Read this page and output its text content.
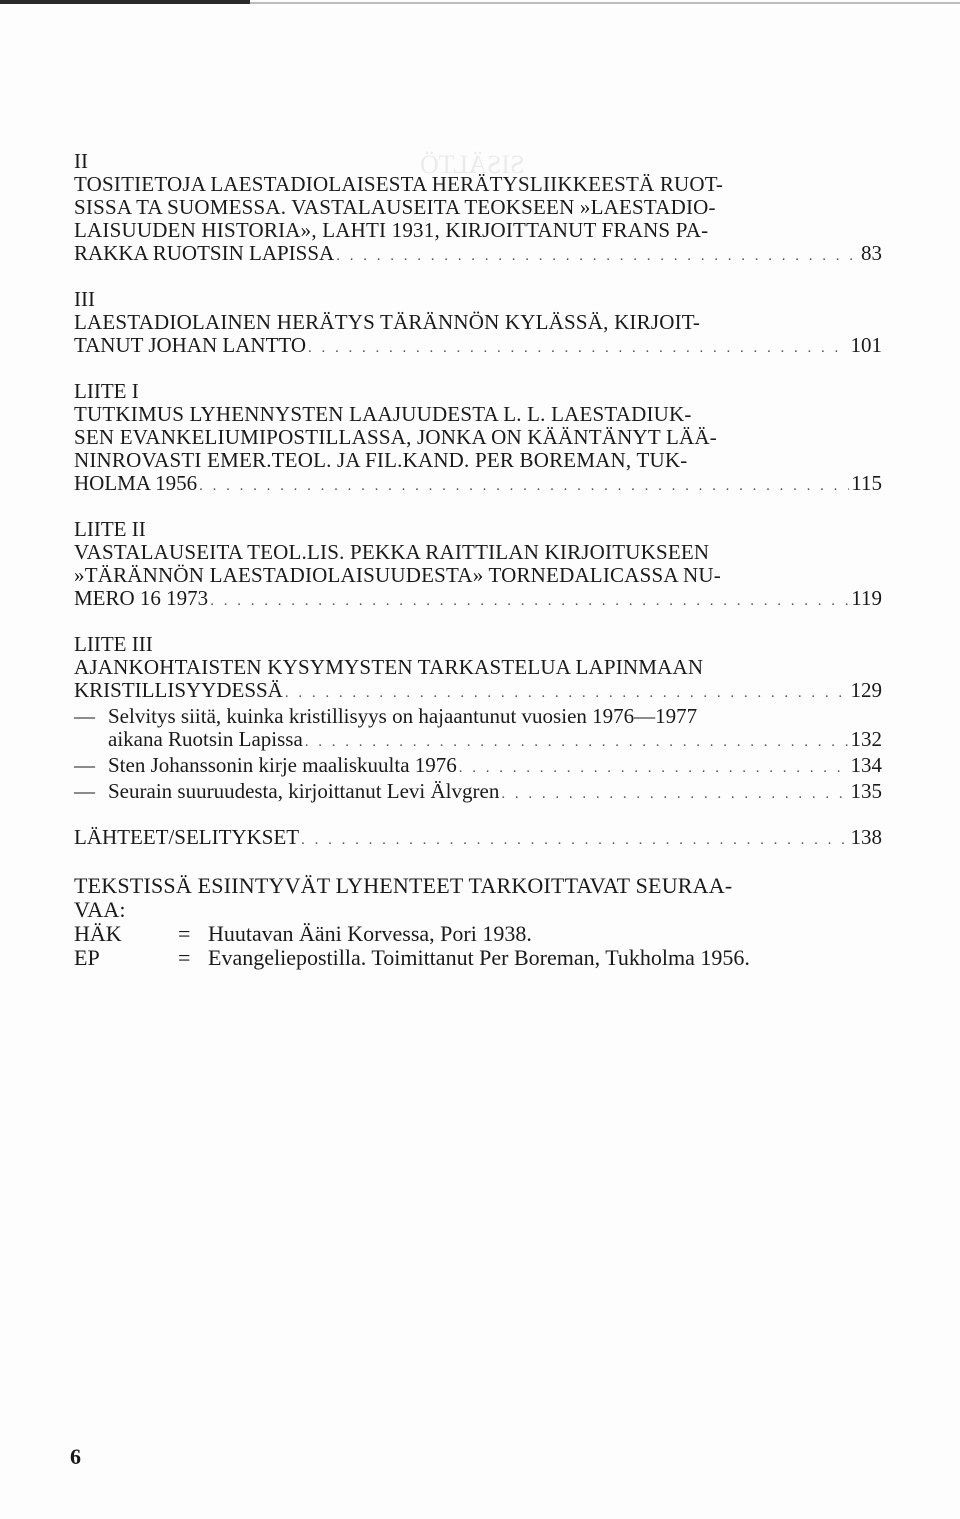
SISÄLTÖ

II

TOSITIETOJA LAESTADIOLAISESTA HERÄTYSLIIKKEESTÄ RUOT-

SISSA TA SUOMESSA. VASTALAUSEITA TEOKSEEN »LAESTADIO-

LAISUUDEN HISTORIA», LAHTI 1931, KIRJOITTANUT FRANS PA-

RAKKA RUOTSIN LAPISSA . . .	83

III

LAESTADIOLAINEN HERÄTYS TÄRÄNNÖN KYLÄSSÄ, KIRJOIT-

TANUT JOHAN LANTTO . . .	101

LIITE I

TUTKIMUS LYHENNYSTEN LAAJUUDESTA L. L. LAESTADIUK-

SEN EVANKELIUMIPOSTILLASSA, JONKA ON KÄÄNTÄNYT LÄÄ-

NINROVASTI EMER.TEOL. JA FIL.KAND. PER BOREMAN, TUK-

HOLMA 1956 . . .	115

LIITE II

VASTALAUSEITA TEOL.LIS. PEKKA RAITTILAN KIRJOITUKSEEN

»TÄRÄNNÖN LAESTADIOLAISUUDESTA» TORNEDALICASSA NU-

MERO 16 1973 . . .	119

LIITE III

AJANKOHTAISTEN KYSYMYSTEN TARKASTELUA LAPINMAAN

KRISTILLISYYDESSÄ . . .	129
— Selvitys siitä, kuinka kristillisyys on hajaantunut vuosien 1976—1977
aikana Ruotsin Lapissa . . .	132
— Sten Johanssonin kirje maaliskuulta 1976 . . .	134
— Seurain suuruudesta, kirjoittanut Levi Älvgren . . .	135
LÄHTEET/SELITYKSET . . .	138

TEKSTISSÄ ESIINTYVÄT LYHENTEET TARKOITTAVAT SEURAA-

VAA:

HÄK	= Huutavan Ääni Korvessa, Pori 1938.
EP	= Evangeliepostilla. Toimittanut Per Boreman, Tukholma 1956.
6
